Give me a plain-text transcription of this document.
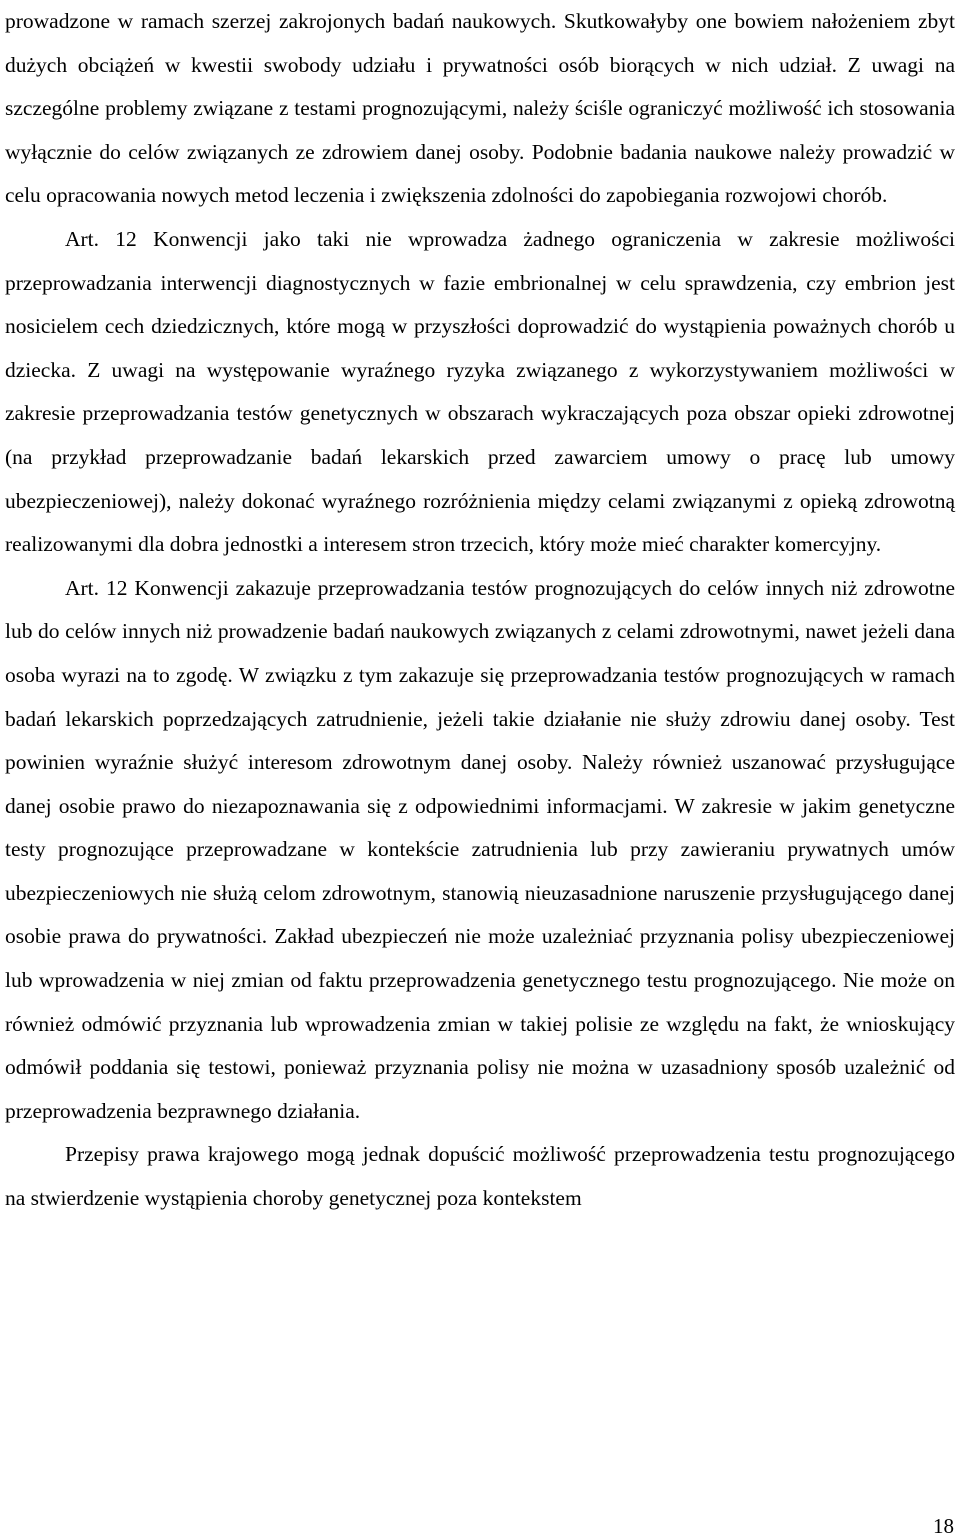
prowadzone w ramach szerzej zakrojonych badań naukowych. Skutkowałyby one bowiem nałożeniem zbyt dużych obciążeń w kwestii swobody udziału i prywatności osób biorących w nich udział. Z uwagi na szczególne problemy związane z testami prognozującymi, należy ściśle ograniczyć możliwość ich stosowania wyłącznie do celów związanych ze zdrowiem danej osoby. Podobnie badania naukowe należy prowadzić w celu opracowania nowych metod leczenia i zwiększenia zdolności do zapobiegania rozwojowi chorób.

Art. 12 Konwencji jako taki nie wprowadza żadnego ograniczenia w zakresie możliwości przeprowadzania interwencji diagnostycznych w fazie embrionalnej w celu sprawdzenia, czy embrion jest nosicielem cech dziedzicznych, które mogą w przyszłości doprowadzić do wystąpienia poważnych chorób u dziecka. Z uwagi na występowanie wyraźnego ryzyka związanego z wykorzystywaniem możliwości w zakresie przeprowadzania testów genetycznych w obszarach wykraczających poza obszar opieki zdrowotnej (na przykład przeprowadzanie badań lekarskich przed zawarciem umowy o pracę lub umowy ubezpieczeniowej), należy dokonać wyraźnego rozróżnienia między celami związanymi z opieką zdrowotną realizowanymi dla dobra jednostki a interesem stron trzecich, który może mieć charakter komercyjny.

Art. 12 Konwencji zakazuje przeprowadzania testów prognozujących do celów innych niż zdrowotne lub do celów innych niż prowadzenie badań naukowych związanych z celami zdrowotnymi, nawet jeżeli dana osoba wyrazi na to zgodę. W związku z tym zakazuje się przeprowadzania testów prognozujących w ramach badań lekarskich poprzedzających zatrudnienie, jeżeli takie działanie nie służy zdrowiu danej osoby. Test powinien wyraźnie służyć interesom zdrowotnym danej osoby. Należy również uszanować przysługujące danej osobie prawo do niezapoznawania się z odpowiednimi informacjami. W zakresie w jakim genetyczne testy prognozujące przeprowadzane w kontekście zatrudnienia lub przy zawieraniu prywatnych umów ubezpieczeniowych nie służą celom zdrowotnym, stanowią nieuzasadnione naruszenie przysługującego danej osobie prawa do prywatności. Zakład ubezpieczeń nie może uzależniać przyznania polisy ubezpieczeniowej lub wprowadzenia w niej zmian od faktu przeprowadzenia genetycznego testu prognozującego. Nie może on również odmówić przyznania lub wprowadzenia zmian w takiej polisie ze względu na fakt, że wnioskujący odmówił poddania się testowi, ponieważ przyznania polisy nie można w uzasadniony sposób uzależnić od przeprowadzenia bezprawnego działania.

Przepisy prawa krajowego mogą jednak dopuścić możliwość przeprowadzenia testu prognozującego na stwierdzenie wystąpienia choroby genetycznej poza kontekstem

18
